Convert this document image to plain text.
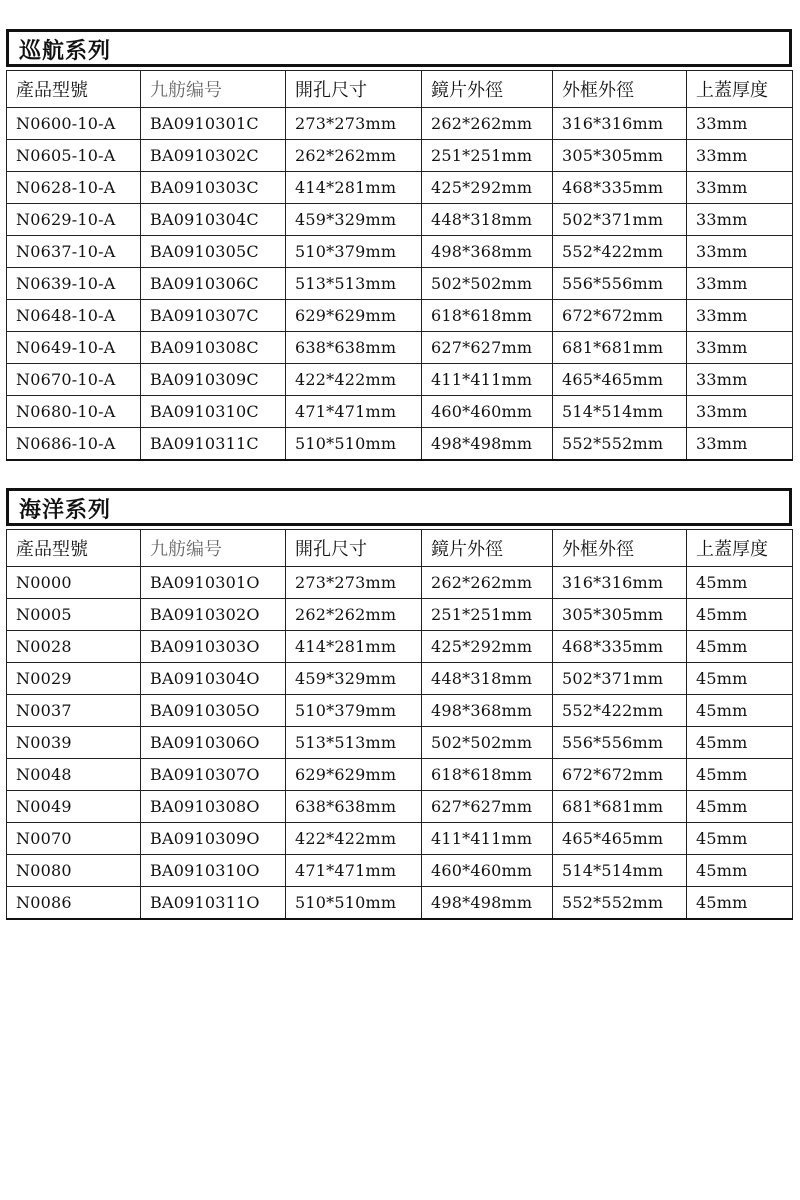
巡航系列
產品型號	九舫编号	開孔尺寸	鏡片外徑	外框外徑	上蓋厚度
N0600-10-A	BA0910301C	273*273mm	262*262mm	316*316mm	33mm
N0605-10-A	BA0910302C	262*262mm	251*251mm	305*305mm	33mm
N0628-10-A	BA0910303C	414*281mm	425*292mm	468*335mm	33mm
N0629-10-A	BA0910304C	459*329mm	448*318mm	502*371mm	33mm
N0637-10-A	BA0910305C	510*379mm	498*368mm	552*422mm	33mm
N0639-10-A	BA0910306C	513*513mm	502*502mm	556*556mm	33mm
N0648-10-A	BA0910307C	629*629mm	618*618mm	672*672mm	33mm
N0649-10-A	BA0910308C	638*638mm	627*627mm	681*681mm	33mm
N0670-10-A	BA0910309C	422*422mm	411*411mm	465*465mm	33mm
N0680-10-A	BA0910310C	471*471mm	460*460mm	514*514mm	33mm
N0686-10-A	BA0910311C	510*510mm	498*498mm	552*552mm	33mm
海洋系列
產品型號	九舫编号	開孔尺寸	鏡片外徑	外框外徑	上蓋厚度
N0000	BA0910301O	273*273mm	262*262mm	316*316mm	45mm
N0005	BA0910302O	262*262mm	251*251mm	305*305mm	45mm
N0028	BA0910303O	414*281mm	425*292mm	468*335mm	45mm
N0029	BA0910304O	459*329mm	448*318mm	502*371mm	45mm
N0037	BA0910305O	510*379mm	498*368mm	552*422mm	45mm
N0039	BA0910306O	513*513mm	502*502mm	556*556mm	45mm
N0048	BA0910307O	629*629mm	618*618mm	672*672mm	45mm
N0049	BA0910308O	638*638mm	627*627mm	681*681mm	45mm
N0070	BA0910309O	422*422mm	411*411mm	465*465mm	45mm
N0080	BA0910310O	471*471mm	460*460mm	514*514mm	45mm
N0086	BA0910311O	510*510mm	498*498mm	552*552mm	45mm
